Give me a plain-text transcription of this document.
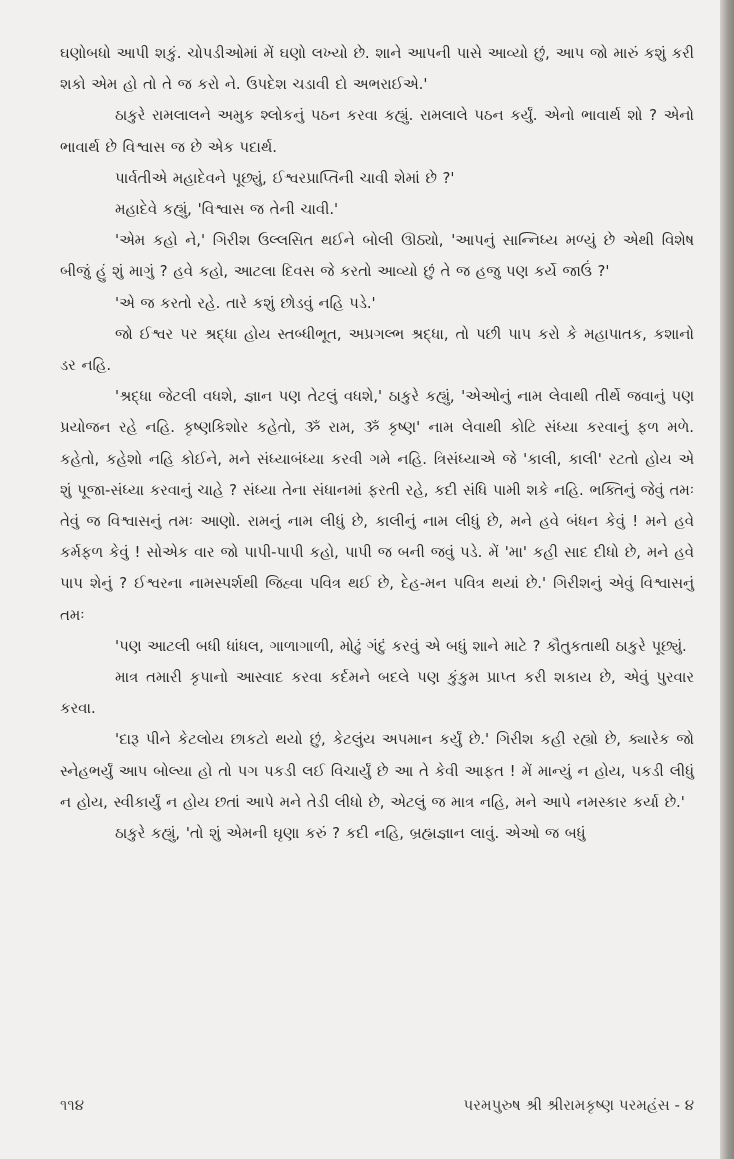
ઘણોબધો આપી શકું. ચોપડીઓમાં મેં ઘણો લખ્યો છે. શાને આપની પાસે આવ્યો છું, આપ જો મારું કશું કરી શકો એમ હો તો તે જ કરો ને. ઉપદેશ ચડાવી દો અભરાઈએ.'

ઠાકુરે રામલાલને અમુક શ્લોકનું પઠન કરવા કહ્યું. રામલાલે પઠન કર્યું. એનો ભાવાર્થ શો ? એનો ભાવાર્થ છે વિશ્વાસ જ છે એક પદાર્થ.

પાર્વતીએ મહાદેવને પૂછ્યું, ઈશ્વરપ્રાપ્તિની ચાવી શેમાં છે ?'

મહાદેવે કહ્યું, 'વિશ્વાસ જ તેની ચાવી.'

'એમ કહો ને,' ગિરીશ ઉલ્લસિત થઈને બોલી ઊઠ્યો, 'આપનું સાન્નિધ્ય મળ્યું છે એથી વિશેષ બીજું હું શું માગું ? હવે કહો, આટલા દિવસ જે કરતો આવ્યો છું તે જ હજુ પણ કર્યે જાઉં ?'

'એ જ કરતો રહે. તારે કશું છોડવું નહિ પડે.'

જો ઈશ્વર પર શ્રદ્ધા હોય સ્તબ્ધીભૂત, અપ્રગલ્ભ શ્રદ્ધા, તો પછી પાપ કરો કે મહાપાતક, કશાનો ડર નહિ.

'શ્રદ્ધા જેટલી વધશે, જ્ઞાન પણ તેટલું વધશે,' ઠાકુરે કહ્યું, 'એઓનું નામ લેવાથી તીર્થે જવાનું પણ પ્રયોજન રહે નહિ. કૃષ્ણકિશોર કહેતો, ૐ રામ, ૐ કૃષ્ણ' નામ લેવાથી કોટિ સંધ્યા કરવાનું ફળ મળે. કહેતો, કહેશો નહિ કોઈને, મને સંધ્યાબંધ્યા કરવી ગમે નહિ. ત્રિસંધ્યાએ જે 'કાલી, કાલી' રટતો હોય એ શું પૂજા-સંધ્યા કરવાનું ચાહે ? સંધ્યા તેના સંધાનમાં ફરતી રહે, કદી સંધિ પામી શકે નહિ. ભક્તિનું જેવું તમઃ તેવું જ વિશ્વાસનું તમઃ આણો. રામનું નામ લીધું છે, કાલીનું નામ લીધું છે, મને હવે બંધન કેવું ! મને હવે કર્મફળ કેવું ! સોએક વાર જો પાપી-પાપી કહો, પાપી જ બની જવું પડે. મેં 'મા' કહી સાદ દીધો છે, મને હવે પાપ શેનું ? ઈશ્વરના નામસ્પર્શથી જિહ્વા પવિત્ર થઈ છે, દેહ-મન પવિત્ર થયાં છે.' ગિરીશનું એવું વિશ્વાસનું તમઃ

'પણ આટલી બધી ધાંધલ, ગાળાગાળી, મોઢું ગંદું કરવું એ બધું શાને માટે ? કૌતુકતાથી ઠાકુરે પૂછ્યું.

માત્ર તમારી કૃપાનો આસ્વાદ કરવા કર્દમને બદલે પણ કુંકુમ પ્રાપ્ત કરી શકાય છે, એવું પુરવાર કરવા.

'દારૂ પીને કેટલોય છાકટો થયો છું, કેટલુંય અપમાન કર્યું છે.' ગિરીશ કહી રહ્યો છે, ક્યારેક જો સ્નેહભર્યું આપ બોલ્યા હો તો પગ પકડી લઈ વિચાર્યું છે આ તે કેવી આફત ! મેં માન્યું ન હોય, પકડી લીધું ન હોય, સ્વીકાર્યું ન હોય છતાં આપે મને તેડી લીધો છે, એટલું જ માત્ર નહિ, મને આપે નમસ્કાર કર્યા છે.'

ઠાકુરે કહ્યું, 'તો શું એમની ઘૃણા કરું ? કદી નહિ, બ્રહ્મજ્ઞાન લાવું. એઓ જ બધું

૧૧૪	પરમપુરુષ શ્રી શ્રીરામકૃષ્ણ પરમહંસ - ૪
